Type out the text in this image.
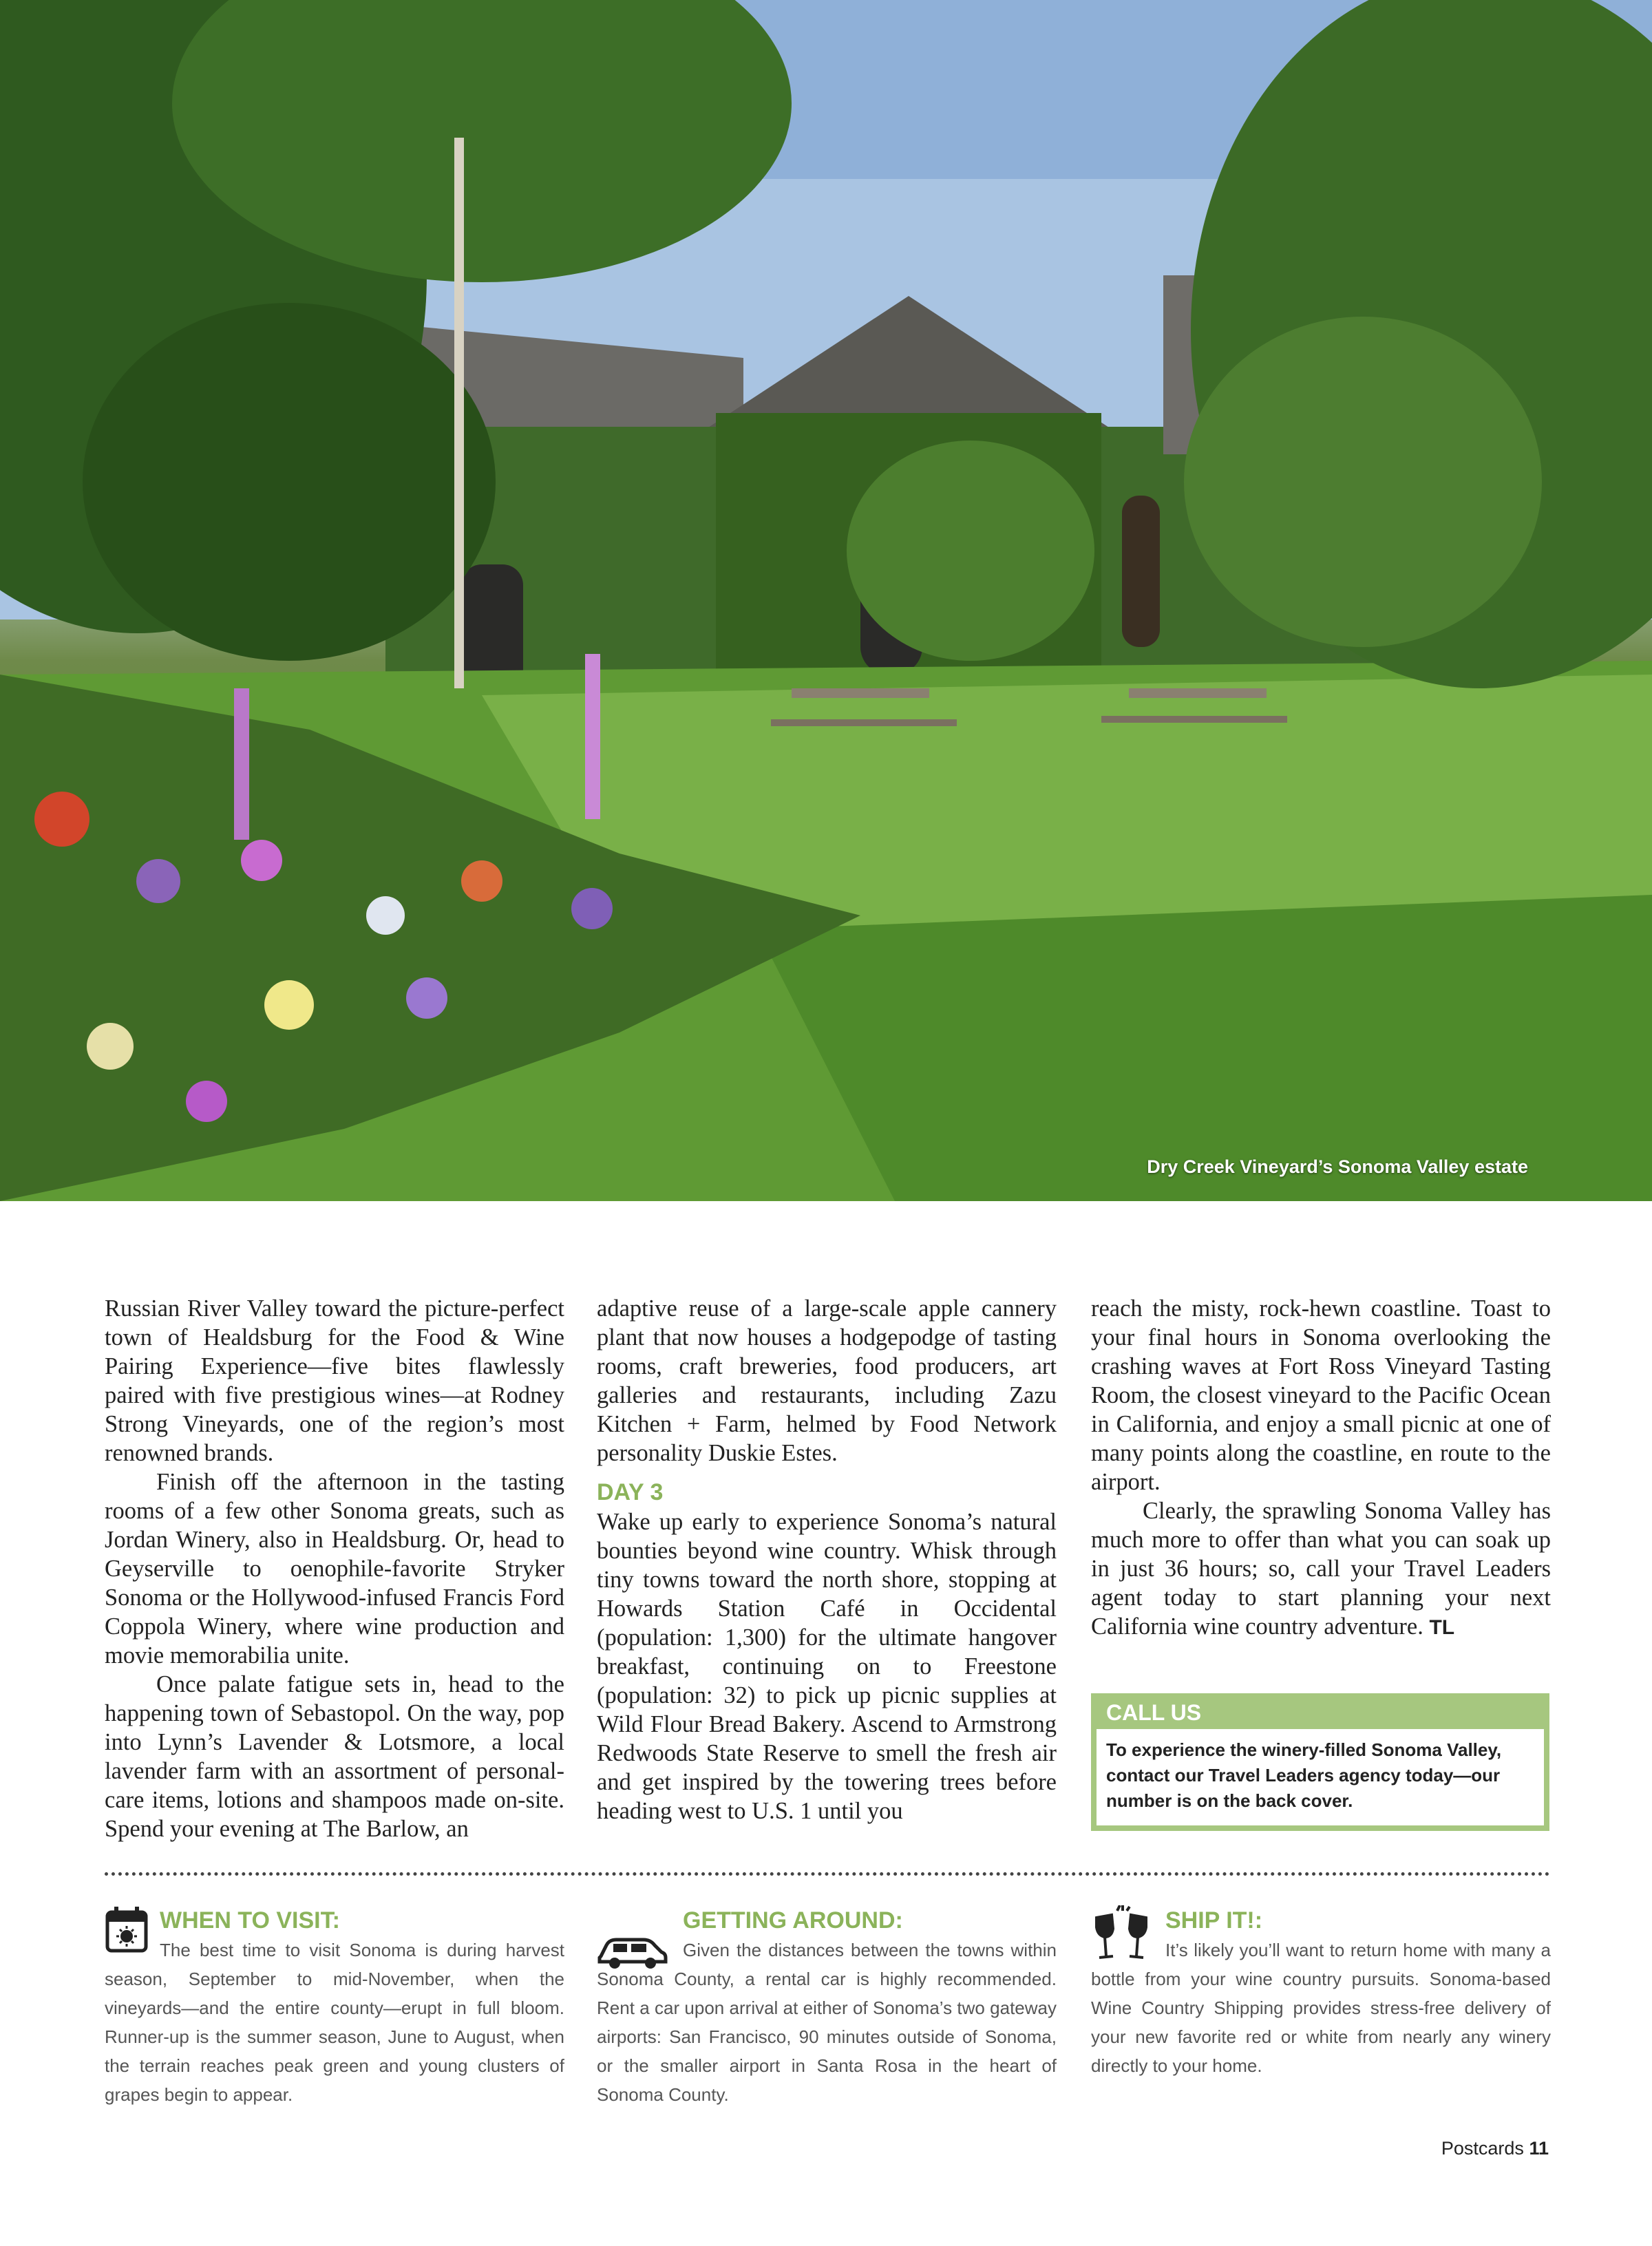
Dry Creek Vineyard’s Sonoma Valley estate

Russian River Valley toward the picture-perfect town of Healdsburg for the Food & Wine Pairing Experience—five bites flawlessly paired with five prestigious wines—at Rodney Strong Vineyards, one of the region’s most renowned brands.

Finish off the afternoon in the tasting rooms of a few other Sonoma greats, such as Jordan Winery, also in Healdsburg. Or, head to Geyserville to oenophile-favorite Stryker Sonoma or the Hollywood-infused Francis Ford Coppola Winery, where wine production and movie memorabilia unite.

Once palate fatigue sets in, head to the happening town of Sebastopol. On the way, pop into Lynn’s Lavender & Lotsmore, a local lavender farm with an assortment of personal-care items, lotions and shampoos made on-site. Spend your evening at The Barlow, an

adaptive reuse of a large-scale apple cannery plant that now houses a hodgepodge of tasting rooms, craft breweries, food producers, art galleries and restaurants, including Zazu Kitchen + Farm, helmed by Food Network personality Duskie Estes.

DAY 3

Wake up early to experience Sonoma’s natural bounties beyond wine country. Whisk through tiny towns toward the north shore, stopping at Howards Station Café in Occidental (population: 1,300) for the ultimate hangover breakfast, continuing on to Freestone (population: 32) to pick up picnic supplies at Wild Flour Bread Bakery. Ascend to Armstrong Redwoods State Reserve to smell the fresh air and get inspired by the towering trees before heading west to U.S. 1 until you

reach the misty, rock-hewn coastline. Toast to your final hours in Sonoma overlooking the crashing waves at Fort Ross Vineyard Tasting Room, the closest vineyard to the Pacific Ocean in California, and enjoy a small picnic at one of many points along the coastline, en route to the airport.

Clearly, the sprawling Sonoma Valley has much more to offer than what you can soak up in just 36 hours; so, call your Travel Leaders agent today to start planning your next California wine country adventure. TL

CALL US
To experience the winery-filled Sonoma Valley, contact our Travel Leaders agency today—our number is on the back cover.
WHEN TO VISIT:
The best time to visit Sonoma is during harvest season, September to mid-November, when the vineyards—and the entire county—erupt in full bloom. Runner-up is the summer season, June to August, when the terrain reaches peak green and young clusters of grapes begin to appear.
GETTING AROUND:
Given the distances between the towns within Sonoma County, a rental car is highly recommended. Rent a car upon arrival at either of Sonoma’s two gateway airports: San Francisco, 90 minutes outside of Sonoma, or the smaller airport in Santa Rosa in the heart of Sonoma County.
SHIP IT!:
It’s likely you’ll want to return home with many a bottle from your wine country pursuits. Sonoma-based Wine Country Shipping provides stress-free delivery of your new favorite red or white from nearly any winery directly to your home.
Postcards 11
